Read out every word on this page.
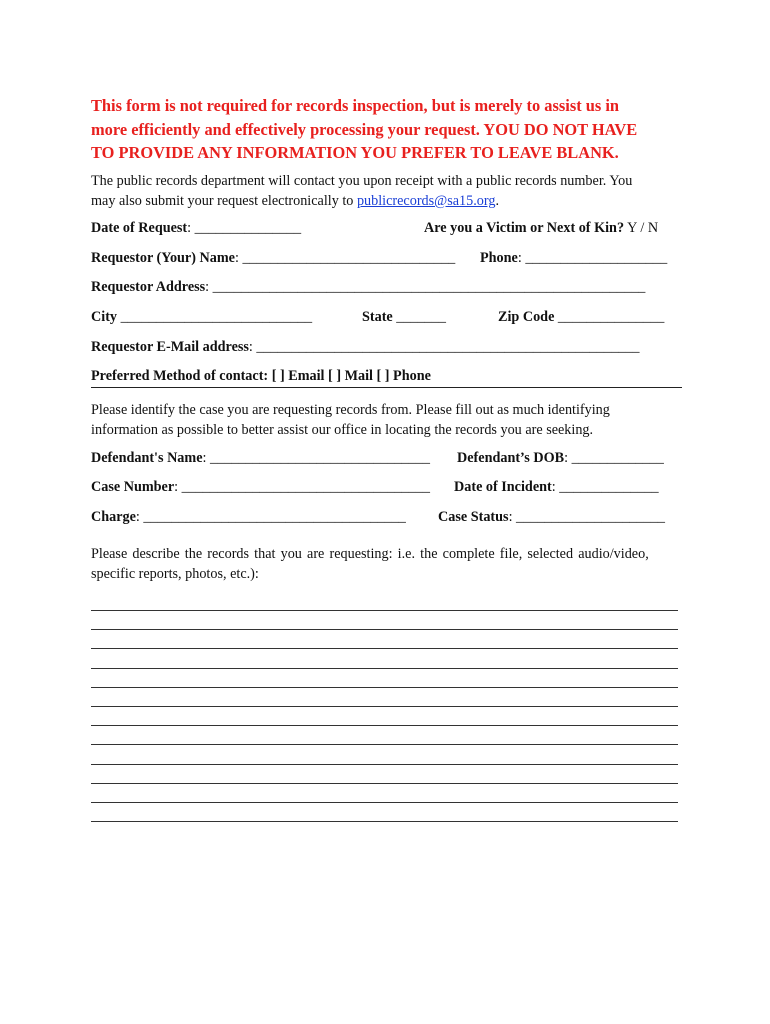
This form is not required for records inspection, but is merely to assist us in
more efficiently and effectively processing your request. YOU DO NOT HAVE
TO PROVIDE ANY INFORMATION YOU PREFER TO LEAVE BLANK.
The public records department will contact you upon receipt with a public records number. You
may also submit your request electronically to publicrecords@sa15.org.
Date of Request: _______________	Are you a Victim or Next of Kin? Y / N
Requestor (Your) Name: ______________________________ Phone: ____________________
Requestor Address: _____________________________________________________________
City ___________________________	State _______	Zip Code _______________
Requestor E-Mail address: ______________________________________________________
Preferred Method of contact: [ ] Email [ ] Mail [ ] Phone
Please identify the case you are requesting records from. Please fill out as much identifying
information as possible to better assist our office in locating the records you are seeking.
Defendant's Name: _______________________________ Defendant’s DOB: _____________
Case Number: ___________________________________ Date of Incident: ______________
Charge: _____________________________________ Case Status: _____________________
Please describe the records that you are requesting: i.e. the complete file, selected audio/video,
specific reports, photos, etc.):
